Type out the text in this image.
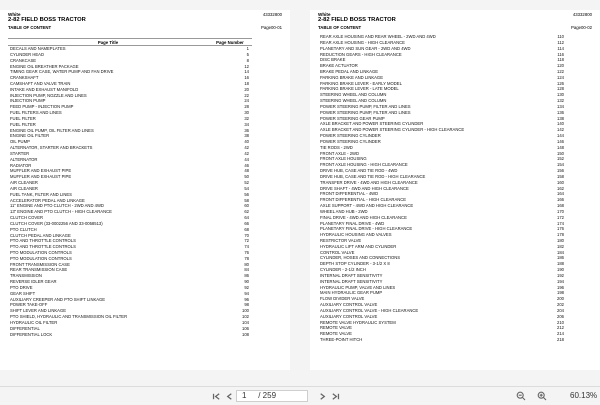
White
2-82 FIELD BOSS TRACTOR
TABLE OF CONTENT
43332800
Page00-01
Page Title	Page Number
DECALS AND NAMEPLATES	1
CYLINDER HEAD	5
CRANKCASE	8
ENGINE OIL BREATHER PACKAGE	12
TIMING GEAR CASE, WATER PUMP AND FAN DRIVE	14
CRANKSHAFT	16
CAMSHAFT AND VALVE TRAIN	18
INTAKE AND EXHAUST MANIFOLD	20
INJECTION PUMP, NOZZLE AND LINES	22
INJECTION PUMP	24
FEED PUMP - INJECTION PUMP	28
FUEL FILTERS AND LINES	30
FUEL FILTER	32
FUEL FILTER	34
ENGINE OIL PUMP, OIL FILTER AND LINES	36
ENGINE OIL FILTER	38
OIL PUMP	40
ALTERNATOR, STARTER AND BRACKETS	42
STARTER	42
ALTERNATOR	44
RADIATOR	46
MUFFLER AND EXHAUST PIPE	48
MUFFLER AND EXHAUST PIPE	50
AIR CLEANER	52
AIR CLEANER	54
FUEL TANK, FILTER AND LINES	56
ACCELERATOR PEDAL AND LINKAGE	58
11" ENGINE AND PTO CLUTCH - 2WD AND 4WD	60
13" ENGINE AND PTO CLUTCH - HIGH CLEARANCE	62
CLUTCH COVER	64
CLUTCH COVER (33-0002256 AND 33-0058513)	66
PTO CLUTCH	68
CLUTCH PEDAL AND LINKAGE	70
PTO AND THROTTLE CONTROLS	72
PTO AND THROTTLE CONTROLS	74
PTO MODULATION CONTROLS	76
PTO MODULATION CONTROLS	78
FRONT TRANSMISSION CASE	80
REAR TRANSMISSION CASE	84
TRANSMISSION	86
REVERSE IDLER GEAR	90
PTO DRIVE	92
GEAR SHIFT	94
AUXILIARY CREEPER AND PTO SHIFT LINKAGE	96
POWER TAKE-OFF	98
SHIFT LEVER AND LINKAGE	100
PTO SHIELD, HYDRAULIC AND TRANSMISSION OIL FILTER	102
HYDRAULIC OIL FILTER	104
DIFFERENTIAL	106
DIFFERENTIAL LOCK	108
White
2-82 FIELD BOSS TRACTOR
TABLE OF CONTENT
43332800
Page00-02
REAR AXLE HOUSING AND REAR WHEEL - 2WD AND 4WD	110
REAR AXLE HOUSING - HIGH CLEARANCE	112
PLANETARY AND SUN GEAR - 2WD AND 4WD	114
REDUCTION GEARS - HIGH CLEARANCE	116
DISC BRAKE	118
BRAKE ACTUATOR	120
BRAKE PEDAL AND LINKAGE	122
PARKING BRAKE AND LINKAGE	124
PARKING BRAKE LEVER - EARLY MODEL	126
PARKING BRAKE LEVER - LATE MODEL	128
STEERING WHEEL AND COLUMN	130
STEERING WHEEL AND COLUMN	132
POWER STEERING PUMP, FILTER AND LINES	134
POWER STEERING PUMP, FILTER AND LINES	136
POWER STEERING GEAR PUMP	138
AXLE BRACKET AND POWER STEERING CYLINDER	140
AXLE BRACKET AND POWER STEERING CYLINDER - HIGH CLEARANCE	142
POWER STEERING CYLINDER	144
POWER STEERING CYLINDER	146
TIE RODS - 2WD	148
FRONT AXLE - 2WD	150
FRONT AXLE HOUSING	152
FRONT AXLE HOUSING - HIGH CLEARANCE	154
DRIVE HUB, CASE AND TIE ROD - 4WD	156
DRIVE HUB, CASE AND TIE ROD - HIGH CLEARANCE	158
TRANSFER DRIVE - 4WD AND HIGH CLEARANCE	160
DRIVE SHAFT - 4WD AND HIGH CLEARANCE	162
FRONT DIFFERENTIAL - 4WD	164
FRONT DIFFERENTIAL - HIGH CLEARANCE	166
AXLE SUPPORT - 4WD AND HIGH CLEARANCE	168
WHEEL AND HUB - 2WD	170
FINAL DRIVE - 4WD AND HIGH CLEARANCE	172
PLANETARY FINAL DRIVE - 4WD	174
PLANETARY FINAL DRIVE - HIGH CLEARANCE	176
HYDRAULIC HOUSING AND VALVES	178
RESTRICTOR VALVE	180
HYDRAULIC LIFT ARM AND CYLINDER	182
CONTROL VALVE	184
CYLINDER, HOSES AND CONNECTIONS	186
DEPTH STOP CYLINDER - 3-1/2 X 8	188
CYLINDER - 2-1/2 INCH	190
INTERNAL DRAFT SENSITIVITY	192
INTERNAL DRAFT SENSITIVITY	194
HYDRAULIC PUMP, VALVE AND LINES	196
MAIN HYDRAULIC GEAR PUMP	198
FLOW DIVIDER VALVE	200
AUXILIARY CONTROL VALVE	202
AUXILIARY CONTROL VALVE - HIGH CLEARANCE	204
AUXILIARY CONTROL VALVE	206
REMOTE VALVE HYDRAULIC SYSTEM	210
REMOTE VALVE	212
REMOTE VALVE	214
THREE-POINT HITCH	218
1 / 259	60.13%
